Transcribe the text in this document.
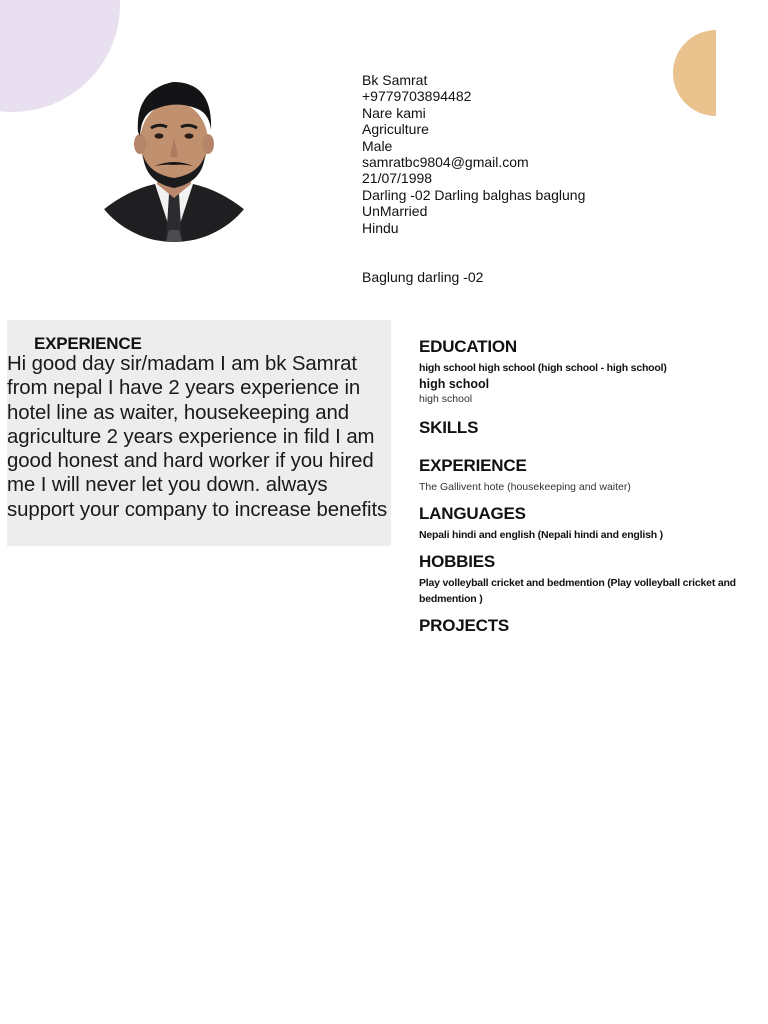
Bk Samrat
+9779703894482
Nare kami
Agriculture
Male
samratbc9804@gmail.com
21/07/1998
Darling -02 Darling balghas baglung
UnMarried
Hindu
Baglung darling -02
EXPERIENCE
Hi good day sir/madam I am bk Samrat from nepal I have 2 years experience in hotel line as waiter, housekeeping and agriculture 2 years experience in fild I am good honest and hard worker if you hired me I will never let you down. always support your company to increase benefits
EDUCATION
high school high school (high school - high school)
high school
high school
SKILLS
EXPERIENCE
The Gallivent hote (housekeeping and waiter)
LANGUAGES
Nepali hindi and english (Nepali hindi and english )
HOBBIES
Play volleyball cricket and bedmention (Play volleyball cricket and bedmention )
PROJECTS
